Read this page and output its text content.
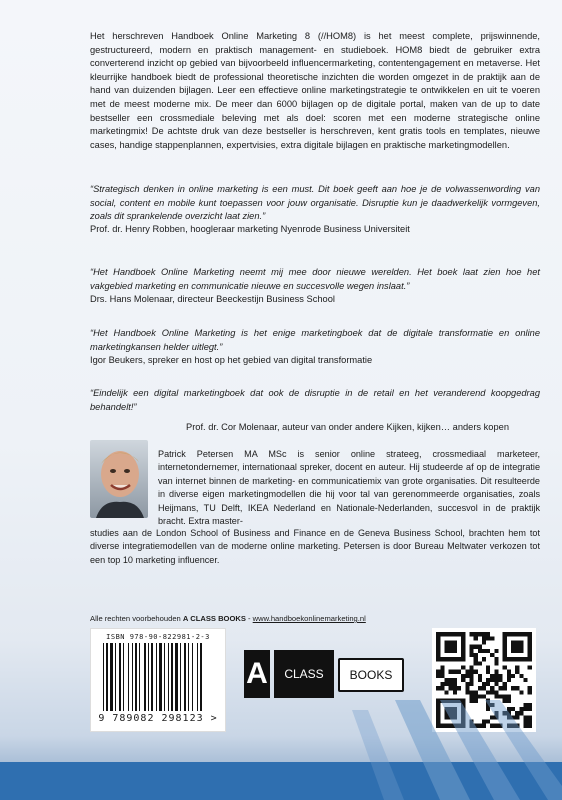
Het herschreven Handboek Online Marketing 8 (//HOM8) is het meest complete, prijswinnende, gestructureerd, modern en praktisch management- en studieboek. HOM8 biedt de gebruiker extra converterend inzicht op gebied van bijvoorbeeld influencermarketing, contentengagement en metaverse. Het kleurrijke handboek biedt de professional theoretische inzichten die worden omgezet in de praktijk aan de hand van duizenden bijlagen. Leer een effectieve online marketingstrategie te ontwikkelen en uit te voeren met de meest moderne mix. De meer dan 6000 bijlagen op de digitale portal, maken van de up to date bestseller een crossmediale beleving met als doel: scoren met een moderne strategische online marketingmix! De achtste druk van deze bestseller is herschreven, kent gratis tools en templates, nieuwe cases, handige stappenplannen, expertvisies, extra digitale bijlagen en praktische marketingmodellen.
“Strategisch denken in online marketing is een must. Dit boek geeft aan hoe je de volwassenwording van social, content en mobile kunt toepassen voor jouw organisatie. Disruptie kun je daadwerkelijk vormgeven, zoals dit sprankelende overzicht laat zien.”
Prof. dr. Henry Robben, hoogleraar marketing Nyenrode Business Universiteit
“Het Handboek Online Marketing neemt mij mee door nieuwe werelden. Het boek laat zien hoe het vakgebied marketing en communicatie nieuwe en succesvolle wegen inslaat.”
Drs. Hans Molenaar, directeur Beeckestijn Business School
“Het Handboek Online Marketing is het enige marketingboek dat de digitale transformatie en online marketingkansen helder uitlegt.”
Igor Beukers, spreker en host op het gebied van digital transformatie
“Eindelijk een digital marketingboek dat ook de disruptie in de retail en het veranderend koopgedrag behandelt!”
Prof. dr. Cor Molenaar, auteur van onder andere Kijken, kijken… anders kopen
Patrick Petersen MA MSc is senior online strateeg, crossmediaal marketeer, internetondernemer, internationaal spreker, docent en auteur. Hij studeerde af op de integratie van internet binnen de marketing- en communicatiemix van grote organisaties. Dit resulteerde in diverse eigen marketingmodellen die hij voor tal van gerenommeerde organisaties, zoals Heijmans, TU Delft, IKEA Nederland en Nationale-Nederlanden, succesvol in de praktijk bracht. Extra master-
studies aan de London School of Business and Finance en de Geneva Business School, brachten hem tot diverse integratiemodellen van de moderne online marketing. Petersen is door Bureau Meltwater verkozen tot een top 10 marketing influencer.
Alle rechten voorbehouden A CLASS BOOKS - www.handboekonlinemarketing.nl
ISBN 978-90-822981-2-3
9 789082 298123 >
A	CLASS	BOOKS
